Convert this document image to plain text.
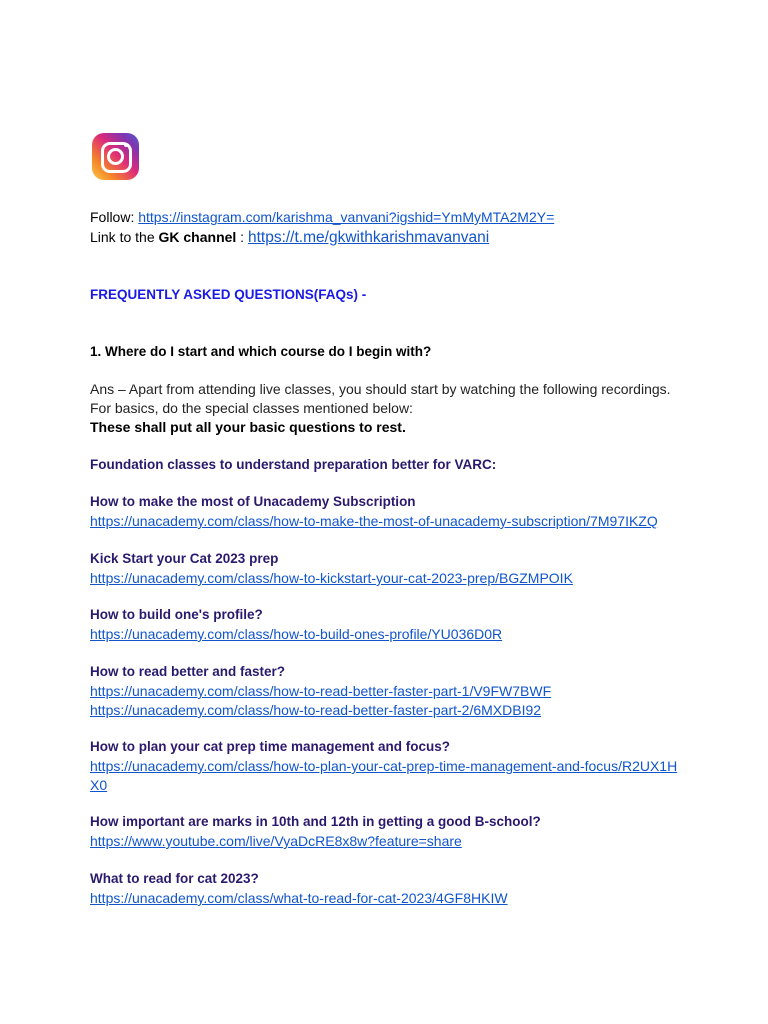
Follow: https://instagram.com/karishma_vanvani?igshid=YmMyMTA2M2Y=
Link to the GK channel : https://t.me/gkwithkarishmavanvani
FREQUENTLY ASKED QUESTIONS(FAQs) -
1. Where do I start and which course do I begin with?
Ans – Apart from attending live classes, you should start by watching the following recordings.
For basics, do the special classes mentioned below:
These shall put all your basic questions to rest.
Foundation classes to understand preparation better for VARC:
How to make the most of Unacademy Subscription
https://unacademy.com/class/how-to-make-the-most-of-unacademy-subscription/7M97IKZQ
Kick Start your Cat 2023 prep
https://unacademy.com/class/how-to-kickstart-your-cat-2023-prep/BGZMPOIK
How to build one's profile?
https://unacademy.com/class/how-to-build-ones-profile/YU036D0R
How to read better and faster?
https://unacademy.com/class/how-to-read-better-faster-part-1/V9FW7BWF
https://unacademy.com/class/how-to-read-better-faster-part-2/6MXDBI92
How to plan your cat prep time management and focus?
https://unacademy.com/class/how-to-plan-your-cat-prep-time-management-and-focus/R2UX1H
X0
How important are marks in 10th and 12th in getting a good B-school?
https://www.youtube.com/live/VyaDcRE8x8w?feature=share
What to read for cat 2023?
https://unacademy.com/class/what-to-read-for-cat-2023/4GF8HKIW
